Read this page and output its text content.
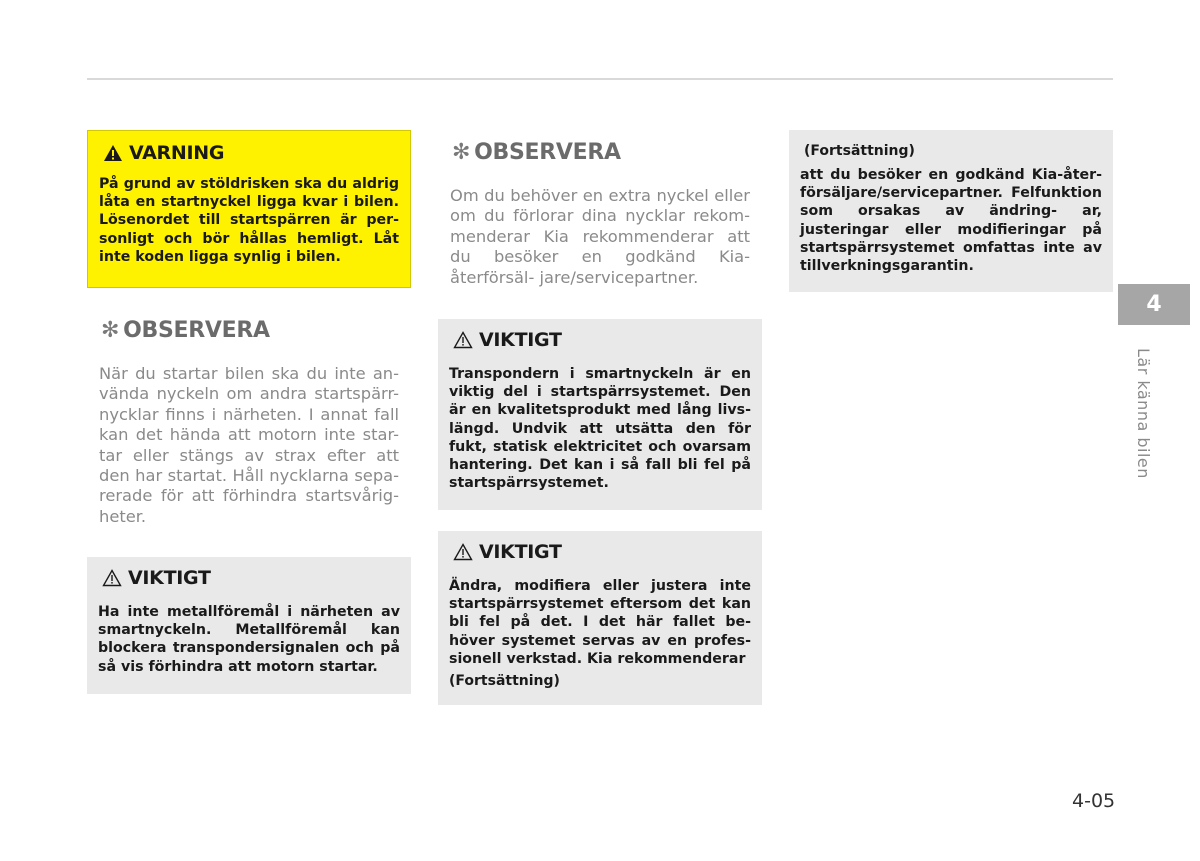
VARNING

På grund av stöldrisken ska du aldrig låta en startnyckel ligga kvar i bilen. Lösenordet till startspärren är per- sonligt och bör hållas hemligt. Låt inte koden ligga synlig i bilen.

✻ OBSERVERA

När du startar bilen ska du inte an- vända nyckeln om andra startspärr- nycklar finns i närheten. I annat fall kan det hända att motorn inte star- tar eller stängs av strax efter att den har startat. Håll nycklarna sepa- rerade för att förhindra startsvårig- heter.

VIKTIGT

Ha inte metallföremål i närheten av smartnyckeln. Metallföremål kan blockera transpondersignalen och på så vis förhindra att motorn startar.

✻ OBSERVERA

Om du behöver en extra nyckel eller om du förlorar dina nycklar rekom- menderar Kia rekommenderar att du besöker en godkänd Kia-återförsäl- jare/servicepartner.

VIKTIGT

Transpondern i smartnyckeln är en viktig del i startspärrsystemet. Den är en kvalitetsprodukt med lång livs- längd. Undvik att utsätta den för fukt, statisk elektricitet och ovarsam hantering. Det kan i så fall bli fel på startspärrsystemet.

VIKTIGT

Ändra, modifiera eller justera inte startspärrsystemet eftersom det kan bli fel på det. I det här fallet be- höver systemet servas av en profes- sionell verkstad. Kia rekommenderar

(Fortsättning)
(Fortsättning)

att du besöker en godkänd Kia-åter- försäljare/servicepartner. Felfunktion som orsakas av ändring- ar, justeringar eller modifieringar på startspärrsystemet omfattas inte av tillverkningsgarantin.

4
Lär känna bilen
4-05
